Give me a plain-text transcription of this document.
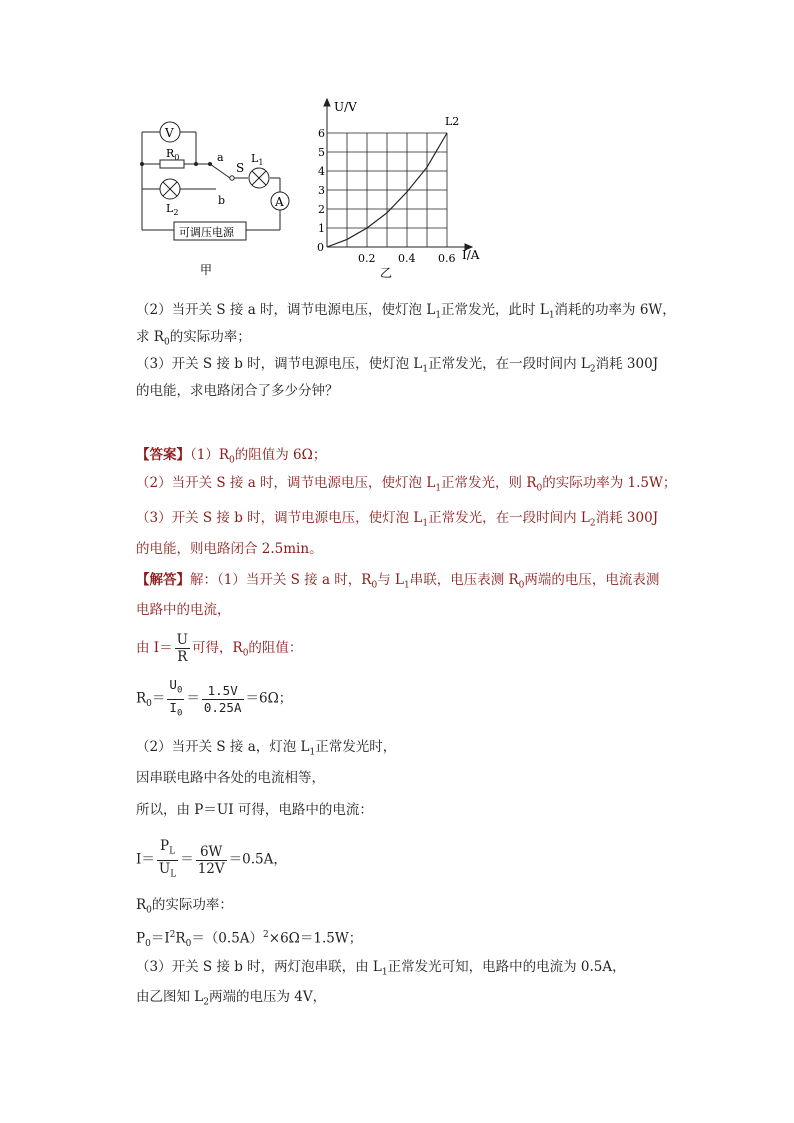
V
A
$R_0$	a
b
S
$L_1$
$L_2$
可调压电源
甲
1
2
3
4
5
6
0.2 0.4 0.6
U/V
I/A
0
L2
乙
（2）当开关 S 接 a 时，调节电源电压，使灯泡 $L_1$正常发光，此时 $L_1$消耗的功率为 6W，
求 $R_0$的实际功率；
（3）开关 S 接 b 时，调节电源电压，使灯泡 $L_1$正常发光，在一段时间内 $L_2$消耗 300J
的电能，求电路闭合了多少分钟？
【答案】$(1)R_0$的阻值为 6Ω；
（2）当开关 S 接 a 时，调节电源电压，使灯泡 $L_1$正常发光，则 $R_0$的实际功率为 1.5W；
（3）开关 S 接 b 时，调节电源电压，使灯泡 $L_1$正常发光，在一段时间内 $L_2$消耗 300J
的电能，则电路闭合 2.5min。
【解答】解：（1）当开关 S 接 a 时，$R_0$与 $L_1$串联，电压表测 $R_0$两端的电压，电流表测
电路中的电流，
由 $I= \frac{U}{R}$ 可得，$R_0$的阻值：
$R_0= \frac{U_0}{I_0} = \frac{1.5V}{0.25A} =6\Omega$；
（2）当开关 S 接 a，灯泡 $L_1$正常发光时，
因串联电路中各处的电流相等，
所以，由 P＝UI 可得，电路中的电流：
$I= \frac{P_L}{U_L} = \frac{6W}{12V} =0.5A$，
$R_0$的实际功率：
$P_0=I^2R_0=(0.5A)^2\times 6\Omega=1.5W$；
（3）开关 S 接 b 时，两灯泡串联，由 $L_1$正常发光可知，电路中的电流为 0.5A，
由乙图知 $L_2$两端的电压为 4V，
